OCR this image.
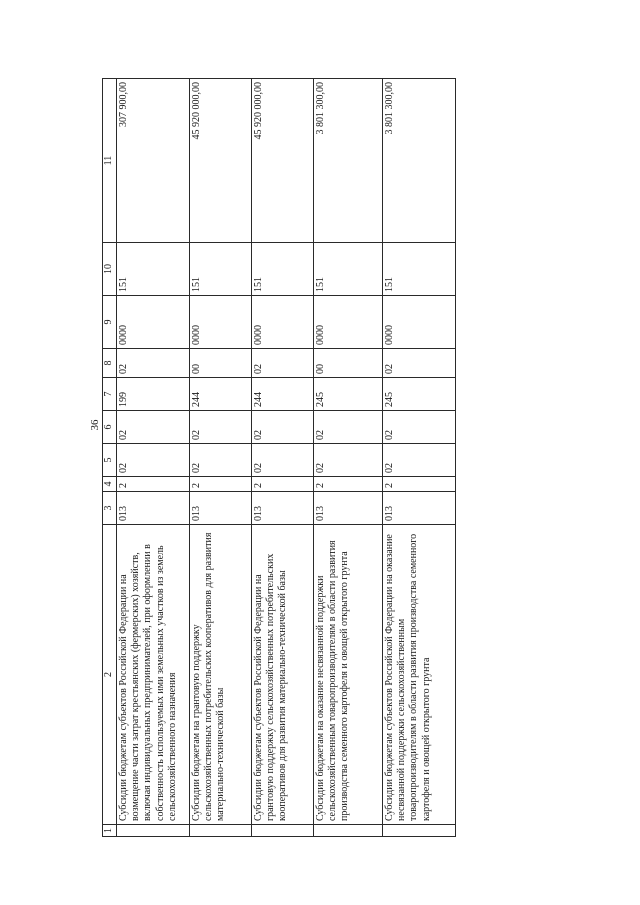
36
1	2	3	4	5	6	7	8	9	10	11
	Субсидии бюджетам субъектов Российской Федерации на возмещение части затрат крестьянских (фермерских) хозяйств, включая индивидуальных предпринимателей, при оформлении в собственность используемых ими земельных участков из земель сельскохозяйственного назначения	013	2	02	02	199	02	0000	151	307 900,00
	Субсидии бюджетам на грантовую поддержку сельскохозяйственных потребительских кооперативов для развития материально-технической базы	013	2	02	02	244	00	0000	151	45 920 000,00
	Субсидии бюджетам субъектов Российской Федерации на грантовую поддержку сельскохозяйственных потребительских кооперативов для развития материально-технической базы	013	2	02	02	244	02	0000	151	45 920 000,00
	Субсидии бюджетам на оказание несвязанной поддержки сельскохозяйственным товаропроизводителям в области развития производства семенного картофеля и овощей открытого грунта	013	2	02	02	245	00	0000	151	3 801 300,00
	Субсидии бюджетам субъектов Российской Федерации на оказание несвязанной поддержки сельскохозяйственным товаропроизводителям в области развития производства семенного картофеля и овощей открытого грунта	013	2	02	02	245	02	0000	151	3 801 300,00
